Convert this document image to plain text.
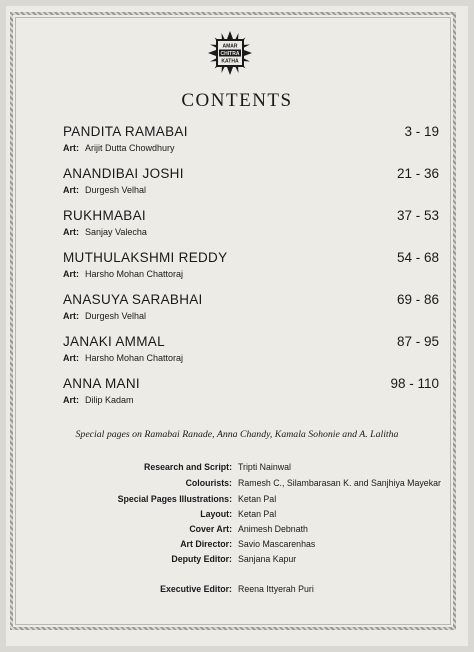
AMAR
CHITRA
KATHA
CONTENTS
PANDITA RAMABAI	3 - 19
Art: Arijit Dutta Chowdhury
ANANDIBAI JOSHI	21 - 36
Art: Durgesh Velhal
RUKHMABAI	37 - 53
Art: Sanjay Valecha
MUTHULAKSHMI REDDY	54 - 68
Art: Harsho Mohan Chattoraj
ANASUYA SARABHAI	69 - 86
Art: Durgesh Velhal
JANAKI AMMAL	87 - 95
Art: Harsho Mohan Chattoraj
ANNA MANI	98 - 110
Art: Dilip Kadam
Special pages on Ramabai Ranade, Anna Chandy, Kamala Sohonie and A. Lalitha
Research and Script: Tripti Nainwal
Colourists: Ramesh C., Silambarasan K. and Sanjhiya Mayekar
Special Pages Illustrations: Ketan Pal
Layout: Ketan Pal
Cover Art: Animesh Debnath
Art Director: Savio Mascarenhas
Deputy Editor: Sanjana Kapur
Executive Editor: Reena Ittyerah Puri
